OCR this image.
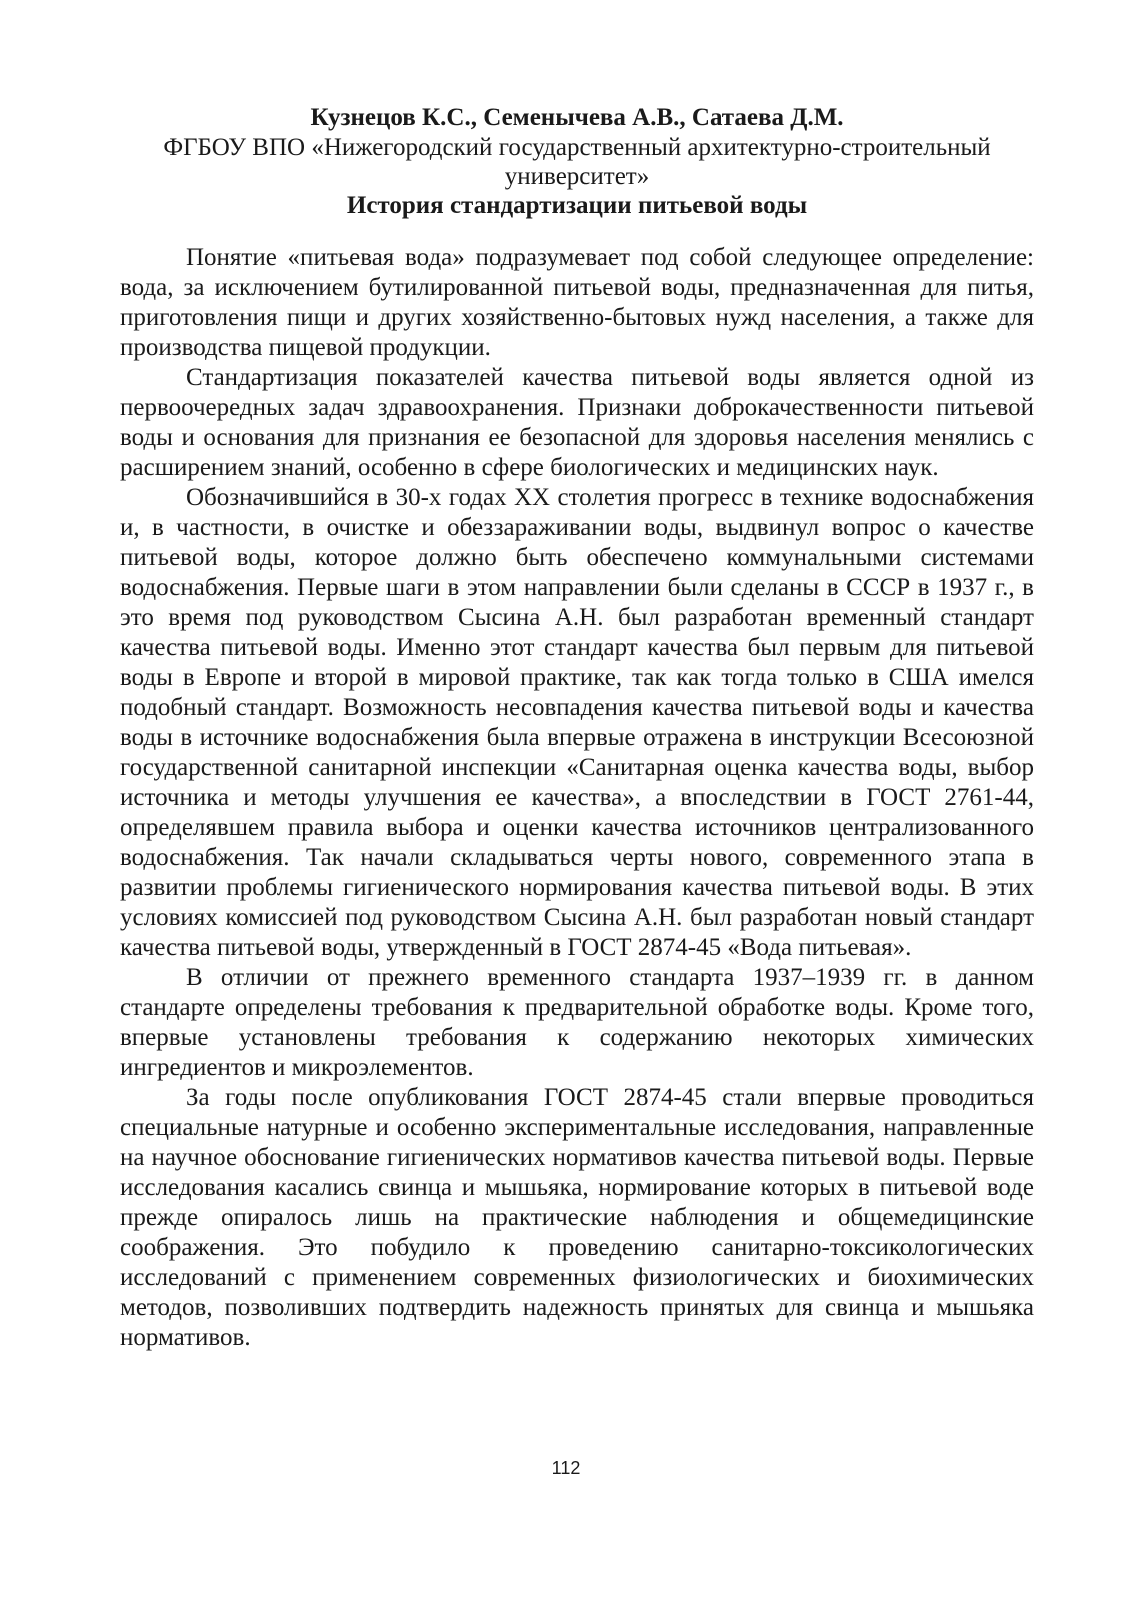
Кузнецов К.С., Семенычева А.В., Сатаева Д.М.

ФГБОУ ВПО «Нижегородский государственный архитектурно-строительный университет»

История стандартизации питьевой воды

Понятие «питьевая вода» подразумевает под собой следующее определение: вода, за исключением бутилированной питьевой воды, предназначенная для питья, приготовления пищи и других хозяйственно-бытовых нужд населения, а также для производства пищевой продукции.

Стандартизация показателей качества питьевой воды является одной из первоочередных задач здравоохранения. Признаки доброкачественности питьевой воды и основания для признания ее безопасной для здоровья населения менялись с расширением знаний, особенно в сфере биологических и медицинских наук.

Обозначившийся в 30-х годах XX столетия прогресс в технике водоснабжения и, в частности, в очистке и обеззараживании воды, выдвинул вопрос о качестве питьевой воды, которое должно быть обеспечено коммунальными системами водоснабжения. Первые шаги в этом направлении были сделаны в СССР в 1937 г., в это время под руководством Сысина А.Н. был разработан временный стандарт качества питьевой воды. Именно этот стандарт качества был первым для питьевой воды в Европе и второй в мировой практике, так как тогда только в США имелся подобный стандарт. Возможность несовпадения качества питьевой воды и качества воды в источнике водоснабжения была впервые отражена в инструкции Всесоюзной государственной санитарной инспекции «Санитарная оценка качества воды, выбор источника и методы улучшения ее качества», а впоследствии в ГОСТ 2761-44, определявшем правила выбора и оценки качества источников централизованного водоснабжения. Так начали складываться черты нового, современного этапа в развитии проблемы гигиенического нормирования качества питьевой воды. В этих условиях комиссией под руководством Сысина А.Н. был разработан новый стандарт качества питьевой воды, утвержденный в ГОСТ 2874-45 «Вода питьевая».

В отличии от прежнего временного стандарта 1937–1939 гг. в данном стандарте определены требования к предварительной обработке воды. Кроме того, впервые установлены требования к содержанию некоторых химических ингредиентов и микроэлементов.

За годы после опубликования ГОСТ 2874-45 стали впервые проводиться специальные натурные и особенно экспериментальные исследования, направленные на научное обоснование гигиенических нормативов качества питьевой воды. Первые исследования касались свинца и мышьяка, нормирование которых в питьевой воде прежде опиралось лишь на практические наблюдения и общемедицинские соображения. Это побудило к проведению санитарно-токсикологических исследований с применением современных физиологических и биохимических методов, позволивших подтвердить надежность принятых для свинца и мышьяка нормативов.

112
